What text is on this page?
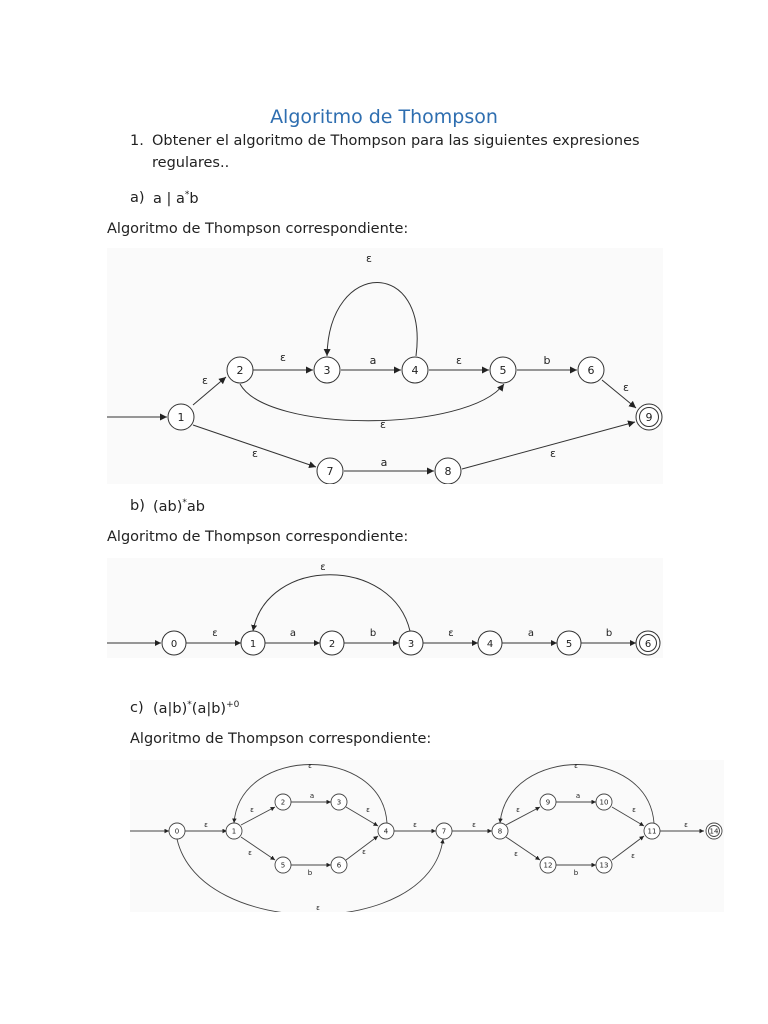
Algoritmo de Thompson
1. Obtener el algoritmo de Thompson para las siguientes expresiones
regulares..
a) a | a*b
Algoritmo de Thompson correspondiente:
1
2	3	4	5	6
7	8
9
ε
ε	a
ε
ε
ε
b
ε
ε
a
ε
b) (ab)*ab
Algoritmo de Thompson correspondiente:
0	1	2	3	4	5	6
ε	a	b
ε
ε	a	b
c) $(a|b)^*(a|b)^{+0}$
Algoritmo de Thompson correspondiente:
0	1
2	3
4
5	6
7	8
9	10
11
12	13
14
ε
ε
a
ε
ε
b
ε
ε
ε
ε
ε
ε
a
ε
ε
b
ε
ε
ε
